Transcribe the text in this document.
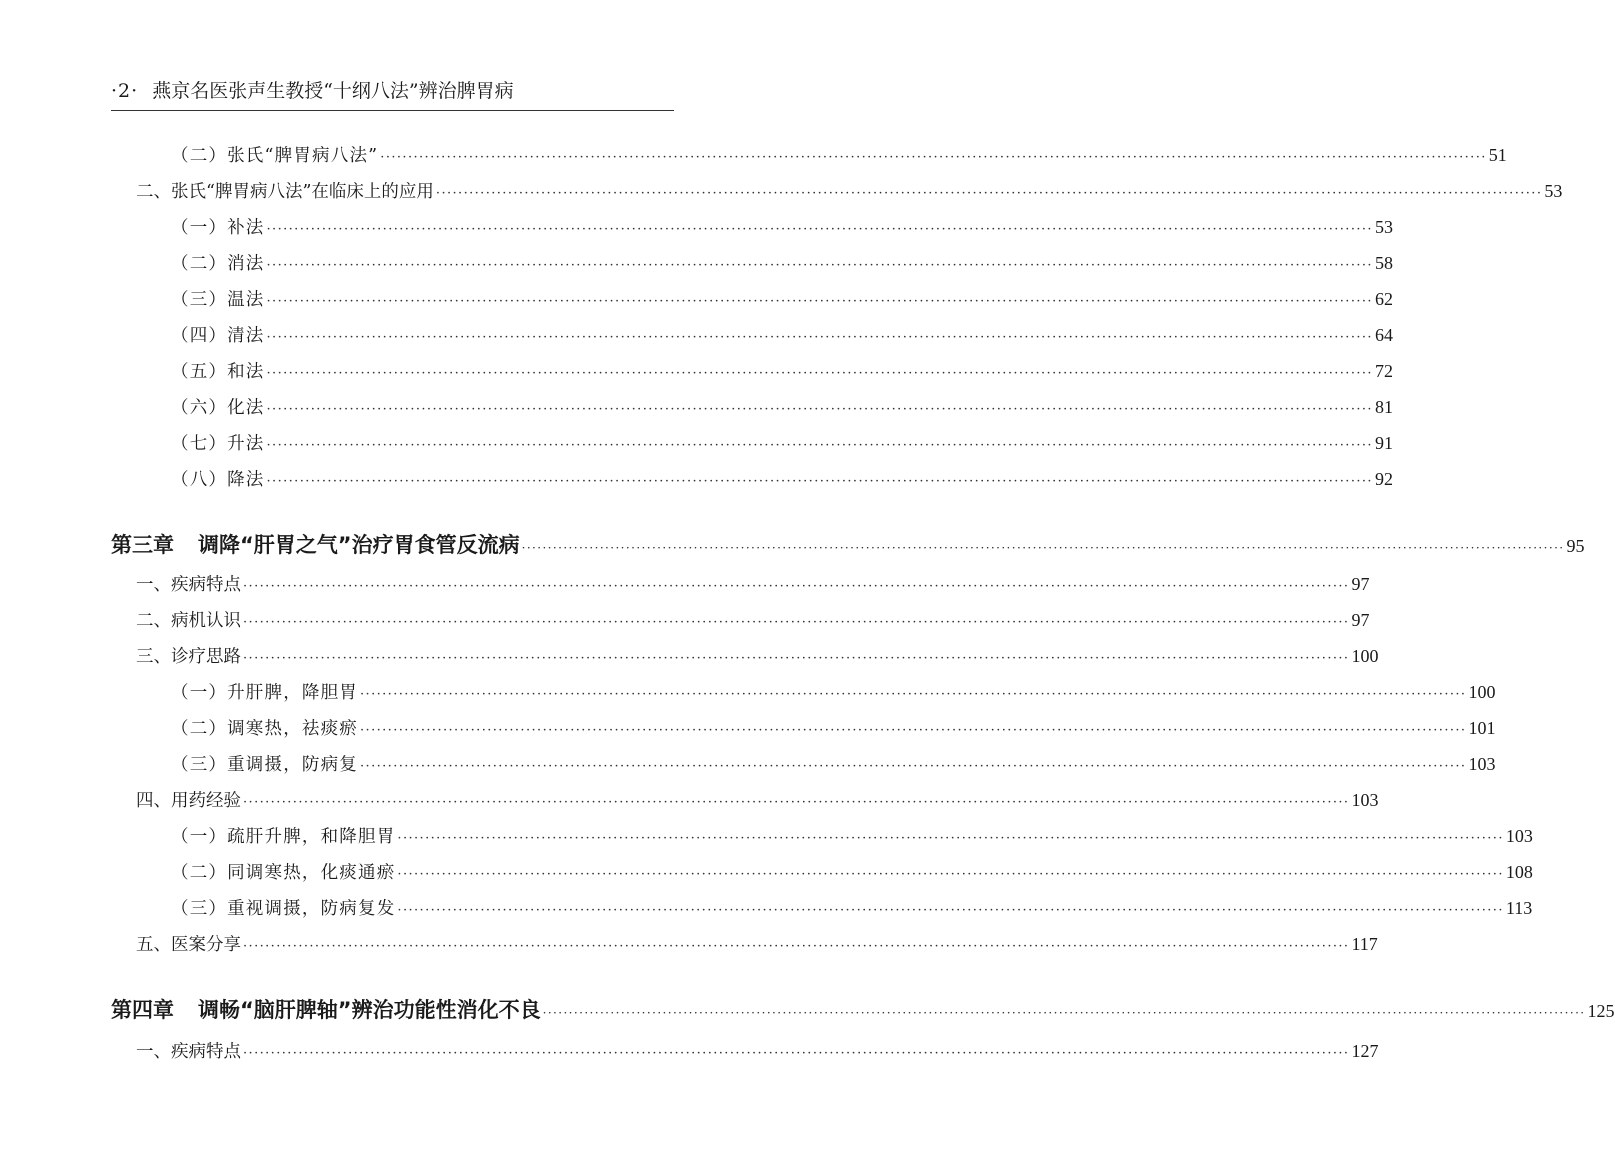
·2· 燕京名医张声生教授“十纲八法”辨治脾胃病
（二）张氏“脾胃病八法” ········································································································································································································ 51
二、张氏“脾胃病八法”在临床上的应用 ········································································································································································································ 53
（一）补法 ········································································································································································································ 53
（二）消法 ········································································································································································································ 58
（三）温法 ········································································································································································································ 62
（四）清法 ········································································································································································································ 64
（五）和法 ········································································································································································································ 72
（六）化法 ········································································································································································································ 81
（七）升法 ········································································································································································································ 91
（八）降法 ········································································································································································································ 92
第三章 调降“肝胃之气”治疗胃食管反流病 ········································································································································································································ 95
一、疾病特点 ········································································································································································································ 97
二、病机认识 ········································································································································································································ 97
三、诊疗思路 ········································································································································································································ 100
（一）升肝脾，降胆胃 ········································································································································································································ 100
（二）调寒热，祛痰瘀 ········································································································································································································ 101
（三）重调摄，防病复 ········································································································································································································ 103
四、用药经验 ········································································································································································································ 103
（一）疏肝升脾，和降胆胃 ········································································································································································································ 103
（二）同调寒热，化痰通瘀 ········································································································································································································ 108
（三）重视调摄，防病复发 ········································································································································································································ 113
五、医案分享 ········································································································································································································ 117
第四章 调畅“脑肝脾轴”辨治功能性消化不良 ········································································································································································································ 125
一、疾病特点 ········································································································································································································ 127
